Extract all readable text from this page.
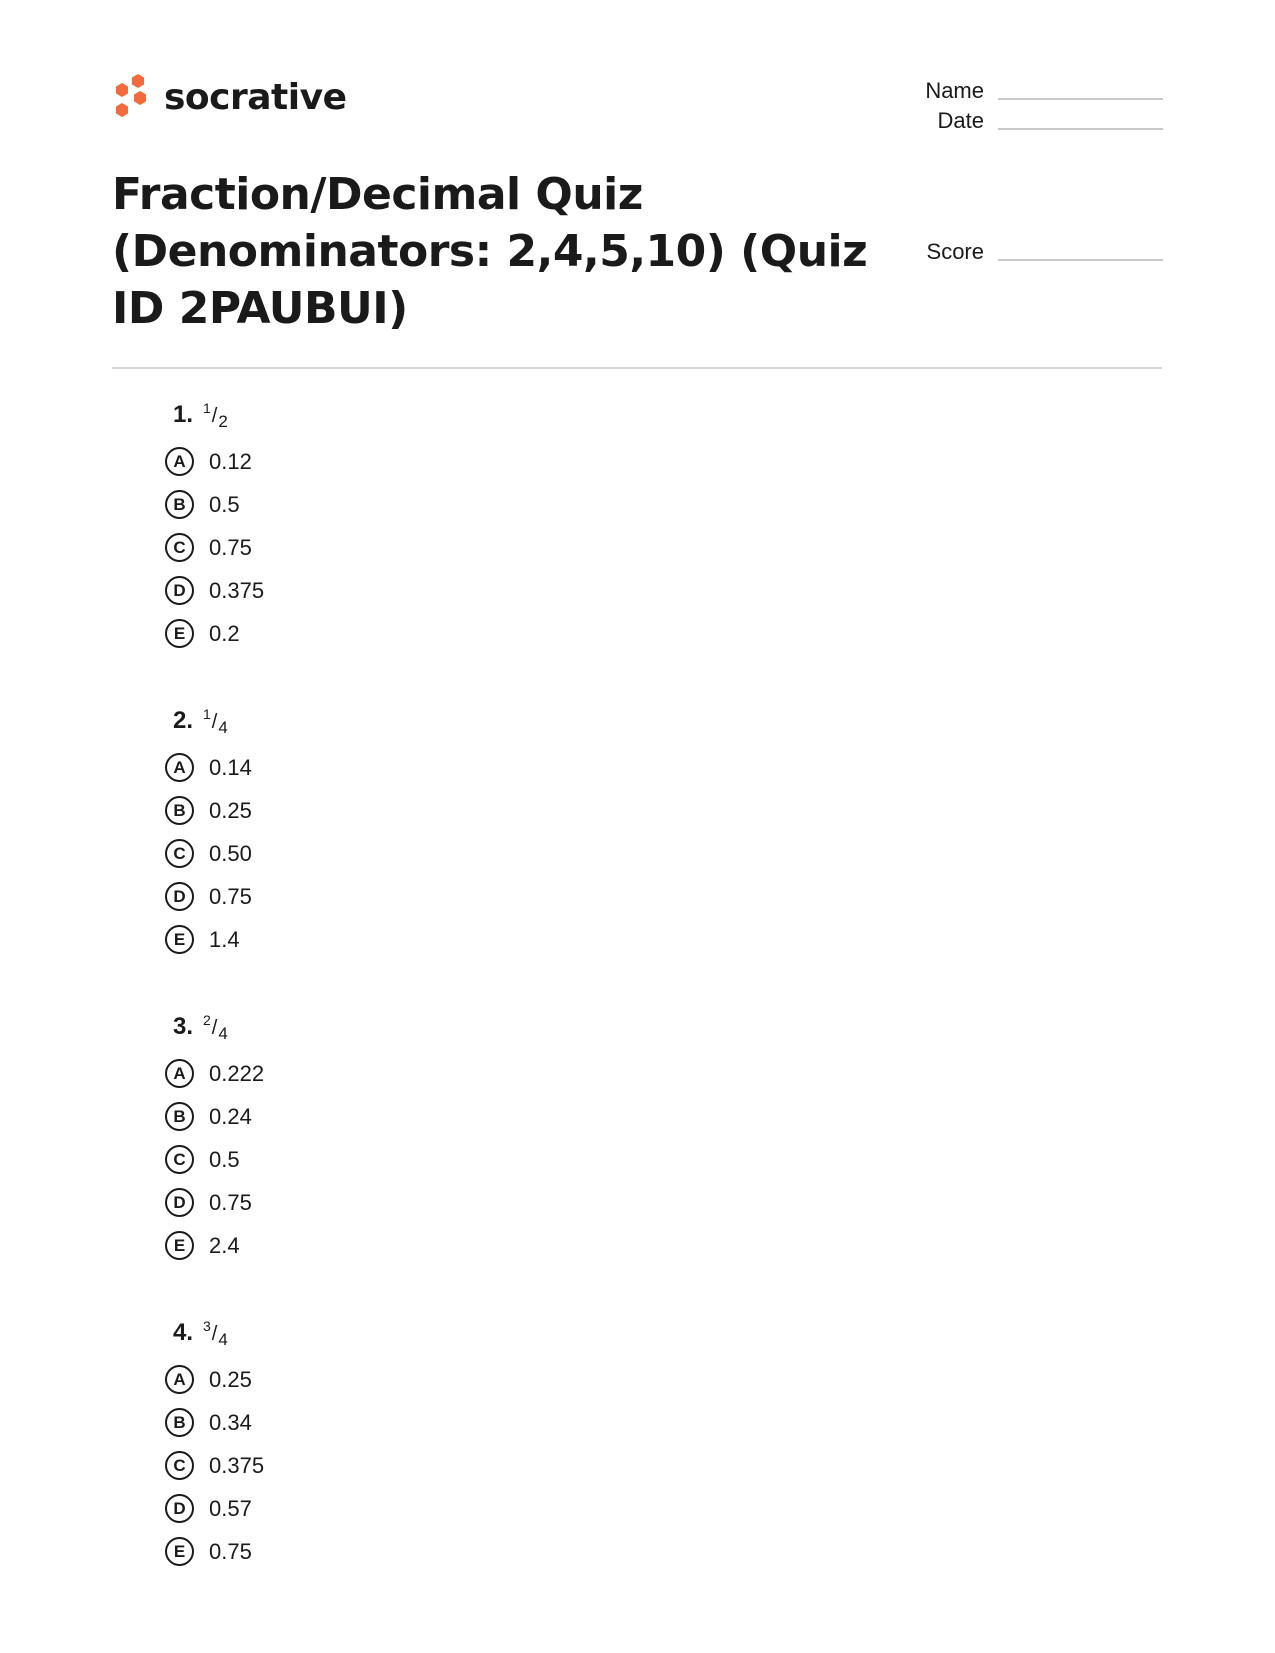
socrative	Name
Date
Score
Fraction/Decimal Quiz (Denominators: 2,4,5,10) (Quiz ID 2PAUBUI)
1. $^1/_2$
A	0.12
B	0.5
C	0.75
D	0.375
E	0.2
2. $^1/_4$
A	0.14
B	0.25
C	0.50
D	0.75
E	1.4
3. $^2/_4$
A	0.222
B	0.24
C	0.5
D	0.75
E	2.4
4. $^3/_4$
A	0.25
B	0.34
C	0.375
D	0.57
E	0.75
